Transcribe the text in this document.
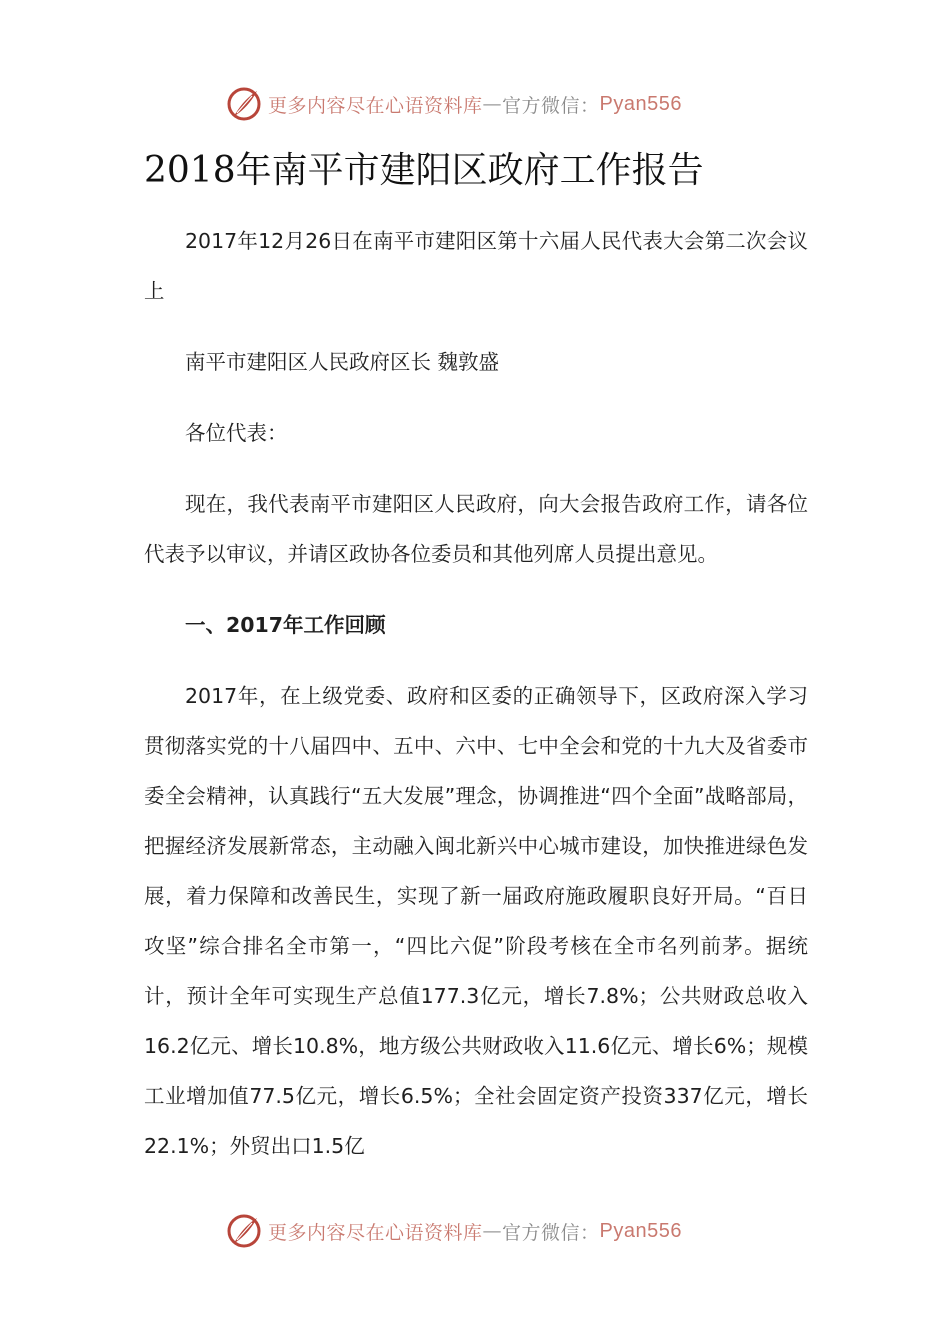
更多内容尽在心语资料库 — 官方微信： Pyan556
2018年南平市建阳区政府工作报告

2017年12月26日在南平市建阳区第十六届人民代表大会第二次会议上

南平市建阳区人民政府区长 魏敦盛

各位代表：

现在，我代表南平市建阳区人民政府，向大会报告政府工作，请各位代表予以审议，并请区政协各位委员和其他列席人员提出意见。

一、2017年工作回顾

2017年，在上级党委、政府和区委的正确领导下，区政府深入学习贯彻落实党的十八届四中、五中、六中、七中全会和党的十九大及省委市委全会精神，认真践行“五大发展”理念，协调推进“四个全面”战略部局，把握经济发展新常态，主动融入闽北新兴中心城市建设，加快推进绿色发展，着力保障和改善民生，实现了新一届政府施政履职良好开局。“百日攻坚”综合排名全市第一，“四比六促”阶段考核在全市名列前茅。据统计，预计全年可实现生产总值177.3亿元，增长7.8%；公共财政总收入16.2亿元、增长10.8%，地方级公共财政收入11.6亿元、增长6%；规模工业增加值77.5亿元，增长6.5%；全社会固定资产投资337亿元，增长22.1%；外贸出口1.5亿

更多内容尽在心语资料库 — 官方微信： Pyan556
